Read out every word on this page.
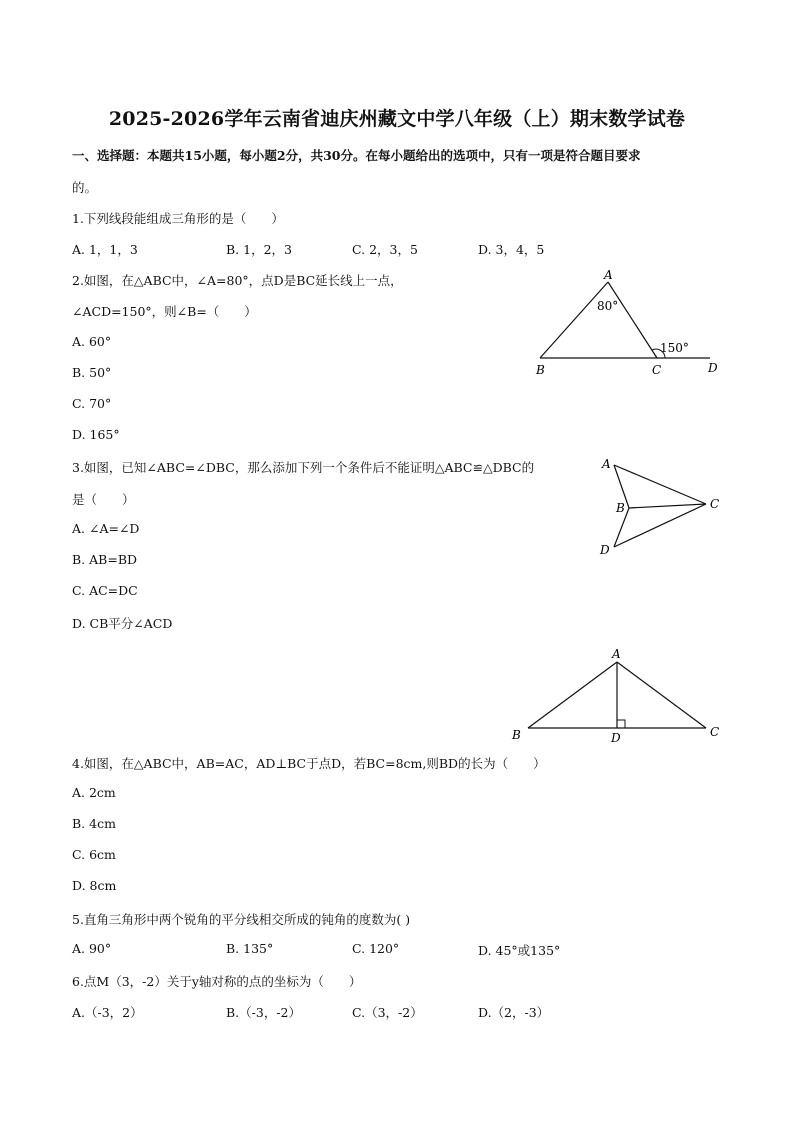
2025-2026学年云南省迪庆州藏文中学八年级（上）期末数学试卷
一、选择题：本题共15小题，每小题2分，共30分。在每小题给出的选项中，只有一项是符合题目要求
的。
1.下列线段能组成三角形的是（　　）
A. 1，1，3	B. 1，2，3	C. 2，3，5	D. 3，4，5
2.如图，在△ABC中，∠A=80°，点D是BC延长线上一点，
∠ACD=150°，则∠B=（　　）
A. 60°
B. 50°
C. 70°
D. 165°
A
B	C	D
80°
150°
3.如图，已知∠ABC=∠DBC，那么添加下列一个条件后不能证明△ABC≌△DBC的
是（　　）
A. ∠A=∠D
B. AB=BD
C. AC=DC
D. CB平分∠ACD
A
B	C
D
A
B	C
D
4.如图，在△ABC中，AB=AC，AD⊥BC于点D，若BC=8cm,则BD的长为（　　）
A. 2cm
B. 4cm
C. 6cm
D. 8cm
5.直角三角形中两个锐角的平分线相交所成的钝角的度数为( )
A. 90°	B. 135°	C. 120°	D. 45°或135°
6.点M（3，-2）关于y轴对称的点的坐标为（　　）
A.（-3，2）	B.（-3，-2）	C.（3，-2）	D.（2，-3）
